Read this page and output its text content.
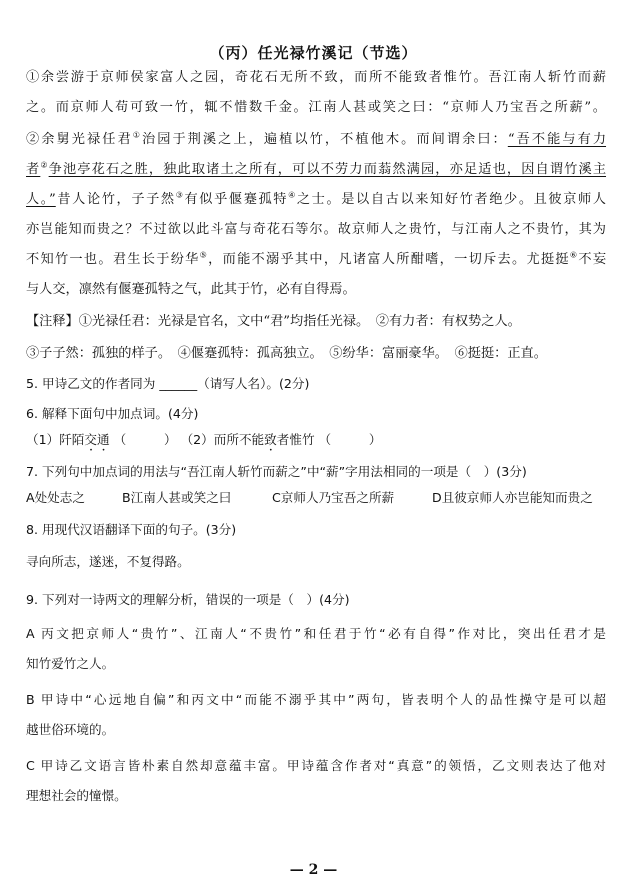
（丙）任光禄竹溪记（节选）
①余尝游于京师侯家富人之园，奇花石无所不致，而所不能致者惟竹。吾江南人斩竹而薪
之。而京师人苟可致一竹，辄不惜数千金。江南人甚或笑之曰：“京师人乃宝吾之所薪”。
②余舅光禄任君①治园于荆溪之上，遍植以竹，不植他木。而间谓余曰：“吾不能与有力
者②争池亭花石之胜，独此取诸土之所有，可以不劳力而蓊然满园，亦足适也，因自谓竹溪主
人。”昔人论竹，子子然③有似乎偃蹇孤特④之士。是以自古以来知好竹者绝少。且彼京师人
亦岂能知而贵之？不过欲以此斗富与奇花石等尔。故京师人之贵竹，与江南人之不贵竹，其为
不知竹一也。君生长于纷华⑤，而能不溺乎其中，凡诸富人所酣嗜，一切斥去。尤挺挺⑥不妄
与人交，凛然有偃蹇孤特之气，此其于竹，必有自得焉。
【注释】①光禄任君：光禄是官名，文中“君”均指任光禄。　②有力者：有权势之人。
③子子然：孤独的样子。　④偃蹇孤特：孤高独立。　⑤纷华：富丽豪华。　⑥挺挺：正直。
5. 甲诗乙文的作者同为 ______（请写人名）。(2分)
6. 解释下面句中加点词。(4分)
（1）阡陌交通 （　　　） （2）而所不能致者惟竹 （　　　）
7. 下列句中加点词的用法与“吾江南人斩竹而薪之”中“薪”字用法相同的一项是（　）(3分)
A处处志之	B江南人甚或笑之曰	C京师人乃宝吾之所薪	D且彼京师人亦岂能知而贵之
8. 用现代汉语翻译下面的句子。(3分)
寻向所志，遂迷，不复得路。
9. 下列对一诗两文的理解分析，错误的一项是（　）(4分)
A 丙文把京师人“贵竹”、江南人“不贵竹”和任君于竹“必有自得”作对比，突出任君才是
知竹爱竹之人。
B 甲诗中“心远地自偏”和丙文中“而能不溺乎其中”两句，皆表明个人的品性操守是可以超
越世俗环境的。
C 甲诗乙文语言皆朴素自然却意蕴丰富。甲诗蕴含作者对“真意”的领悟，乙文则表达了他对
理想社会的憧憬。
— 2 —
